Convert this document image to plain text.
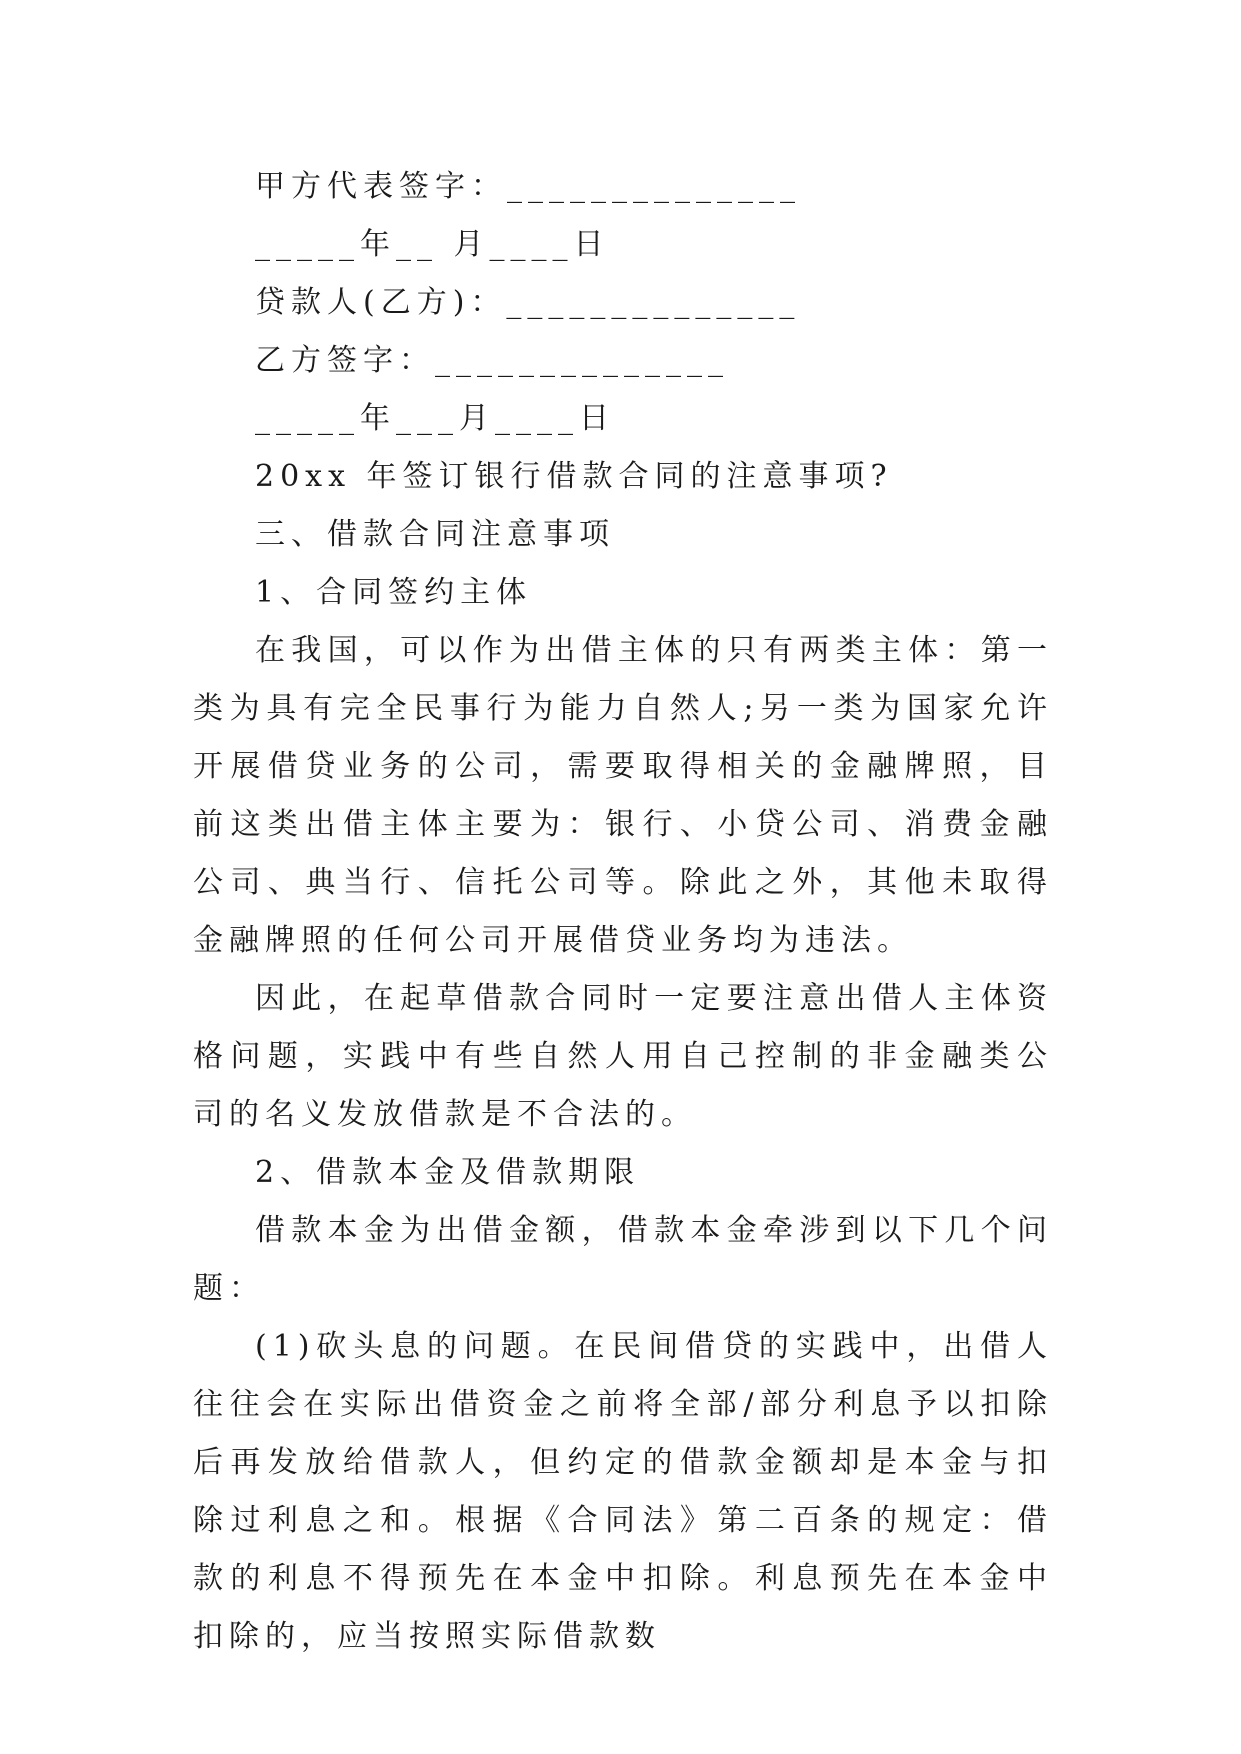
甲方代表签字：______________

_____年__ 月____日

贷款人(乙方)：______________

乙方签字：______________

_____年___月____日

20xx 年签订银行借款合同的注意事项?

三、借款合同注意事项

1、合同签约主体

在我国，可以作为出借主体的只有两类主体：第一类为具有完全民事行为能力自然人;另一类为国家允许开展借贷业务的公司，需要取得相关的金融牌照，目前这类出借主体主要为：银行、小贷公司、消费金融公司、典当行、信托公司等。除此之外，其他未取得金融牌照的任何公司开展借贷业务均为违法。

因此，在起草借款合同时一定要注意出借人主体资格问题，实践中有些自然人用自己控制的非金融类公司的名义发放借款是不合法的。

2、借款本金及借款期限

借款本金为出借金额，借款本金牵涉到以下几个问题：

(1)砍头息的问题。在民间借贷的实践中，出借人往往会在实际出借资金之前将全部/部分利息予以扣除后再发放给借款人，但约定的借款金额却是本金与扣除过利息之和。根据《合同法》第二百条的规定：借款的利息不得预先在本金中扣除。利息预先在本金中扣除的，应当按照实际借款数
